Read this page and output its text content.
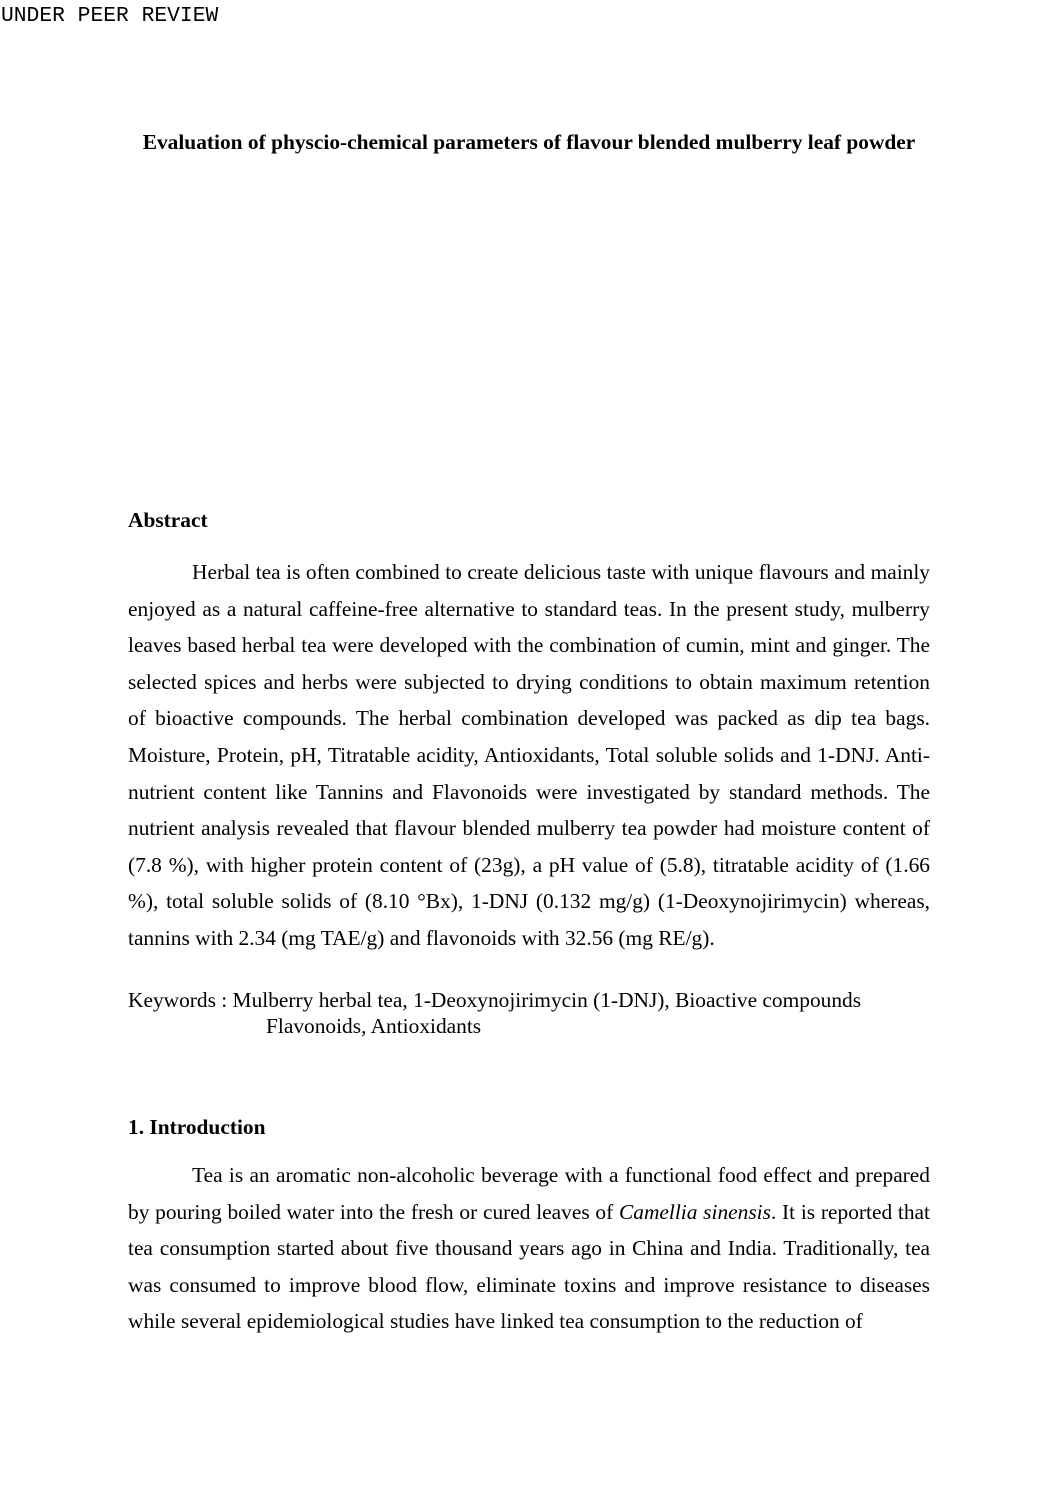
UNDER PEER REVIEW
Evaluation of physcio-chemical parameters of flavour blended mulberry leaf powder
Abstract

Herbal tea is often combined to create delicious taste with unique flavours and mainly enjoyed as a natural caffeine-free alternative to standard teas. In the present study, mulberry leaves based herbal tea were developed with the combination of cumin, mint and ginger. The selected spices and herbs were subjected to drying conditions to obtain maximum retention of bioactive compounds. The herbal combination developed was packed as dip tea bags. Moisture, Protein, pH, Titratable acidity, Antioxidants, Total soluble solids and 1-DNJ. Anti-nutrient content like Tannins and Flavonoids were investigated by standard methods. The nutrient analysis revealed that flavour blended mulberry tea powder had moisture content of (7.8 %), with higher protein content of (23g), a pH value of (5.8), titratable acidity of (1.66 %), total soluble solids of (8.10 °Bx), 1-DNJ (0.132 mg/g) (1-Deoxynojirimycin) whereas, tannins with 2.34 (mg TAE/g) and flavonoids with 32.56 (mg RE/g).

Keywords : Mulberry herbal tea, 1-Deoxynojirimycin (1-DNJ), Bioactive compounds
Flavonoids, Antioxidants
1. Introduction

Tea is an aromatic non-alcoholic beverage with a functional food effect and prepared by pouring boiled water into the fresh or cured leaves of Camellia sinensis. It is reported that tea consumption started about five thousand years ago in China and India. Traditionally, tea was consumed to improve blood flow, eliminate toxins and improve resistance to diseases while several epidemiological studies have linked tea consumption to the reduction of
